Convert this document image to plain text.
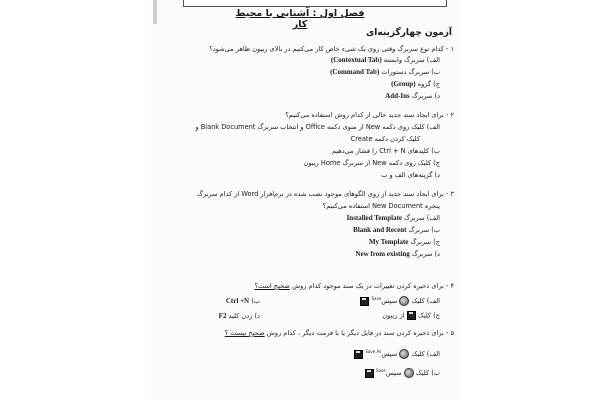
فصل اول : آشنایی با محیط کار
آزمون چهارگزینه‌ای
۱ - کدام نوع سربرگ وقتی روی یک شیء خاص کار می‌کنیم در بالای ریبون ظاهر می‌شود؟
الف) سربرگ وابسته (Contextual Tab)
ب) سربرگ دستورات (Command Tab)
ج) گروه (Group)
د) سربرگ Add-Ins
۲ - برای ایجاد سند جدید خالی از کدام روش استفاده می‌کنیم؟
الف) کلیک روی دکمه New از منوی دکمه Office و انتخاب سربرگ Blank Document و
کلیک کردن دکمه Create
ب) کلیدهای Ctrl + N را فشار می‌دهیم
ج) کلیک روی دکمه New از سربرگ Home ریبون
د) گزینه‌های الف و ب
۳ - برای ایجاد سند جدید از روی الگوهای موجود نصب شده در نرم‌افزار Word از کدام سربرگ
پنجره New Document استفاده می‌کنیم؟
الف) سربرگ Installed Template
ب) سربرگ Blank and Recent
ج) سربرگ My Template
د) سربرگ New from existing
۴ - برای ذخیره کردن تغییرات در یک سند موجود کدام روش صحیح است؟
الف) کلیک  سپس$^{Save}$
ب) Ctrl +N
ج) کلیک  از ریبون
د) زدن کلید F2
۵ - برای ذخیره کردن سند در فایل دیگر یا با فرمت دیگر ، کدام روش صحیح نیست ؟
الف) کلیک  سپس$^{Save As}$
ب) کلیک  سپس$^{Save}$
